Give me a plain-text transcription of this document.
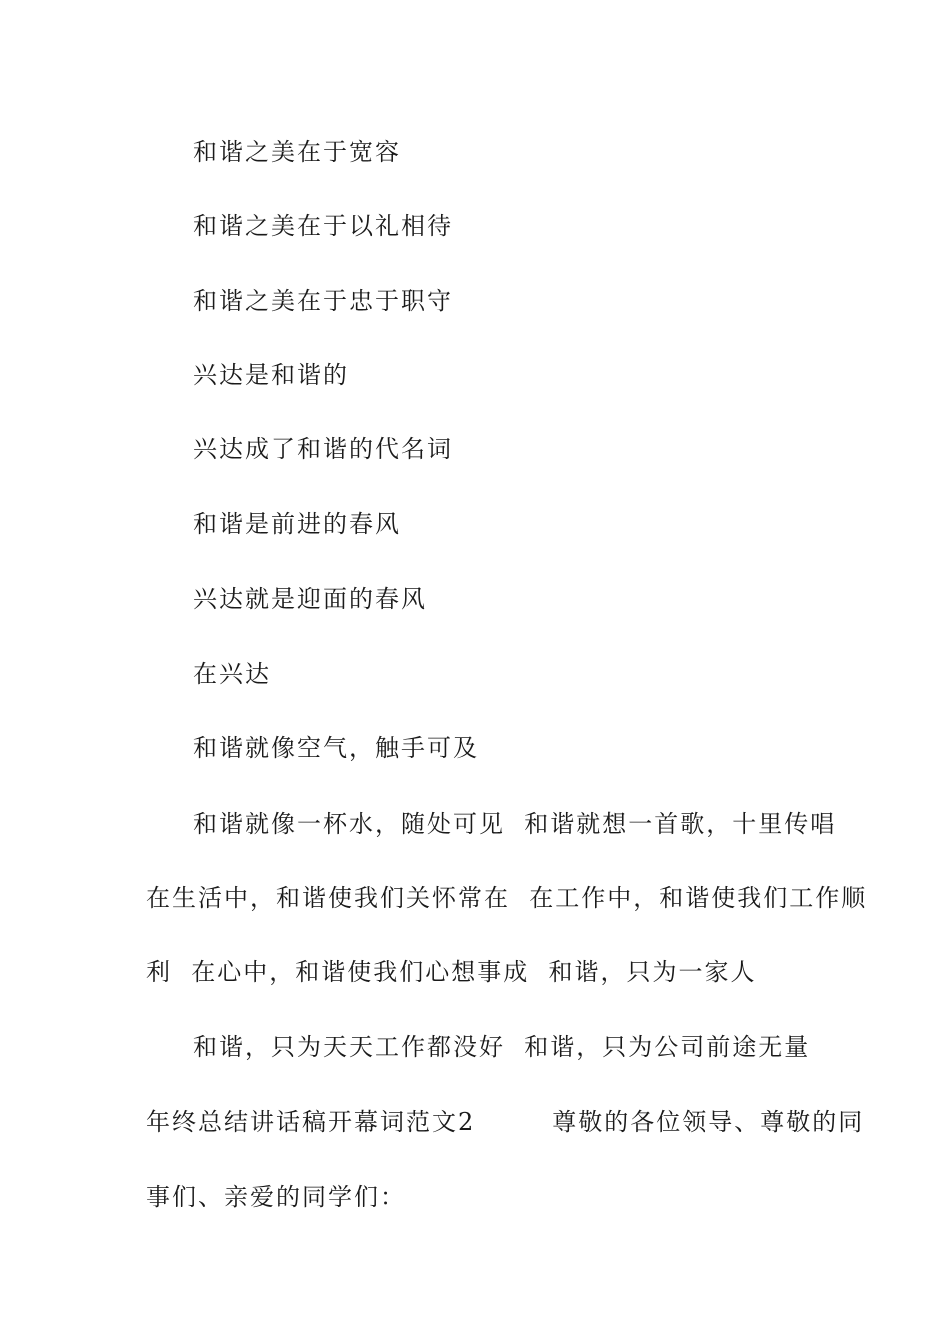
和谐之美在于宽容
和谐之美在于以礼相待
和谐之美在于忠于职守
兴达是和谐的
兴达成了和谐的代名词
和谐是前进的春风
兴达就是迎面的春风
在兴达
和谐就像空气，触手可及
和谐就像一杯水，随处可见  和谐就想一首歌，十里传唱
在生活中，和谐使我们关怀常在  在工作中，和谐使我们工作顺
利  在心中，和谐使我们心想事成  和谐，只为一家人
和谐，只为天天工作都没好  和谐，只为公司前途无量
年终总结讲话稿开幕词范文2        尊敬的各位领导、尊敬的同
事们、亲爱的同学们：
